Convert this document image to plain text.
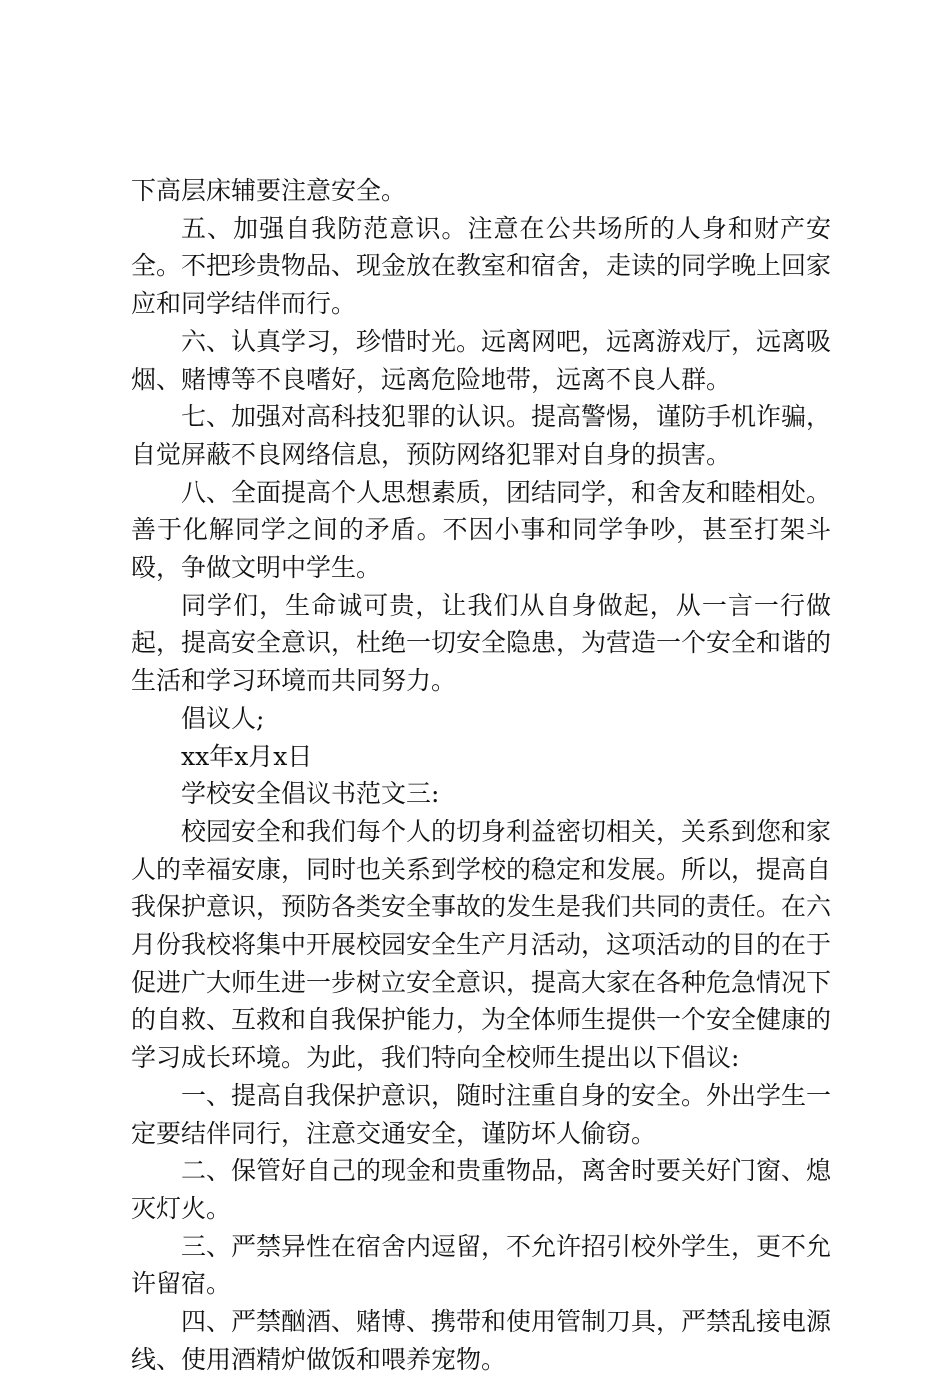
下高层床辅要注意安全。

五、加强自我防范意识。注意在公共场所的人身和财产安全。不把珍贵物品、现金放在教室和宿舍，走读的同学晚上回家应和同学结伴而行。

六、认真学习，珍惜时光。远离网吧，远离游戏厅，远离吸烟、赌博等不良嗜好，远离危险地带，远离不良人群。

七、加强对高科技犯罪的认识。提高警惕，谨防手机诈骗，自觉屏蔽不良网络信息，预防网络犯罪对自身的损害。

八、全面提高个人思想素质，团结同学，和舍友和睦相处。善于化解同学之间的矛盾。不因小事和同学争吵，甚至打架斗殴，争做文明中学生。

同学们，生命诚可贵，让我们从自身做起，从一言一行做起，提高安全意识，杜绝一切安全隐患，为营造一个安全和谐的生活和学习环境而共同努力。

倡议人;

xx年x月x日

学校安全倡议书范文三:

校园安全和我们每个人的切身利益密切相关，关系到您和家人的幸福安康，同时也关系到学校的稳定和发展。所以，提高自我保护意识，预防各类安全事故的发生是我们共同的责任。在六月份我校将集中开展校园安全生产月活动，这项活动的目的在于促进广大师生进一步树立安全意识，提高大家在各种危急情况下的自救、互救和自我保护能力，为全体师生提供一个安全健康的学习成长环境。为此，我们特向全校师生提出以下倡议:

一、提高自我保护意识，随时注重自身的安全。外出学生一定要结伴同行，注意交通安全，谨防坏人偷窃。

二、保管好自己的现金和贵重物品，离舍时要关好门窗、熄灭灯火。

三、严禁异性在宿舍内逗留，不允许招引校外学生，更不允许留宿。

四、严禁酗酒、赌博、携带和使用管制刀具，严禁乱接电源线、使用酒精炉做饭和喂养宠物。
